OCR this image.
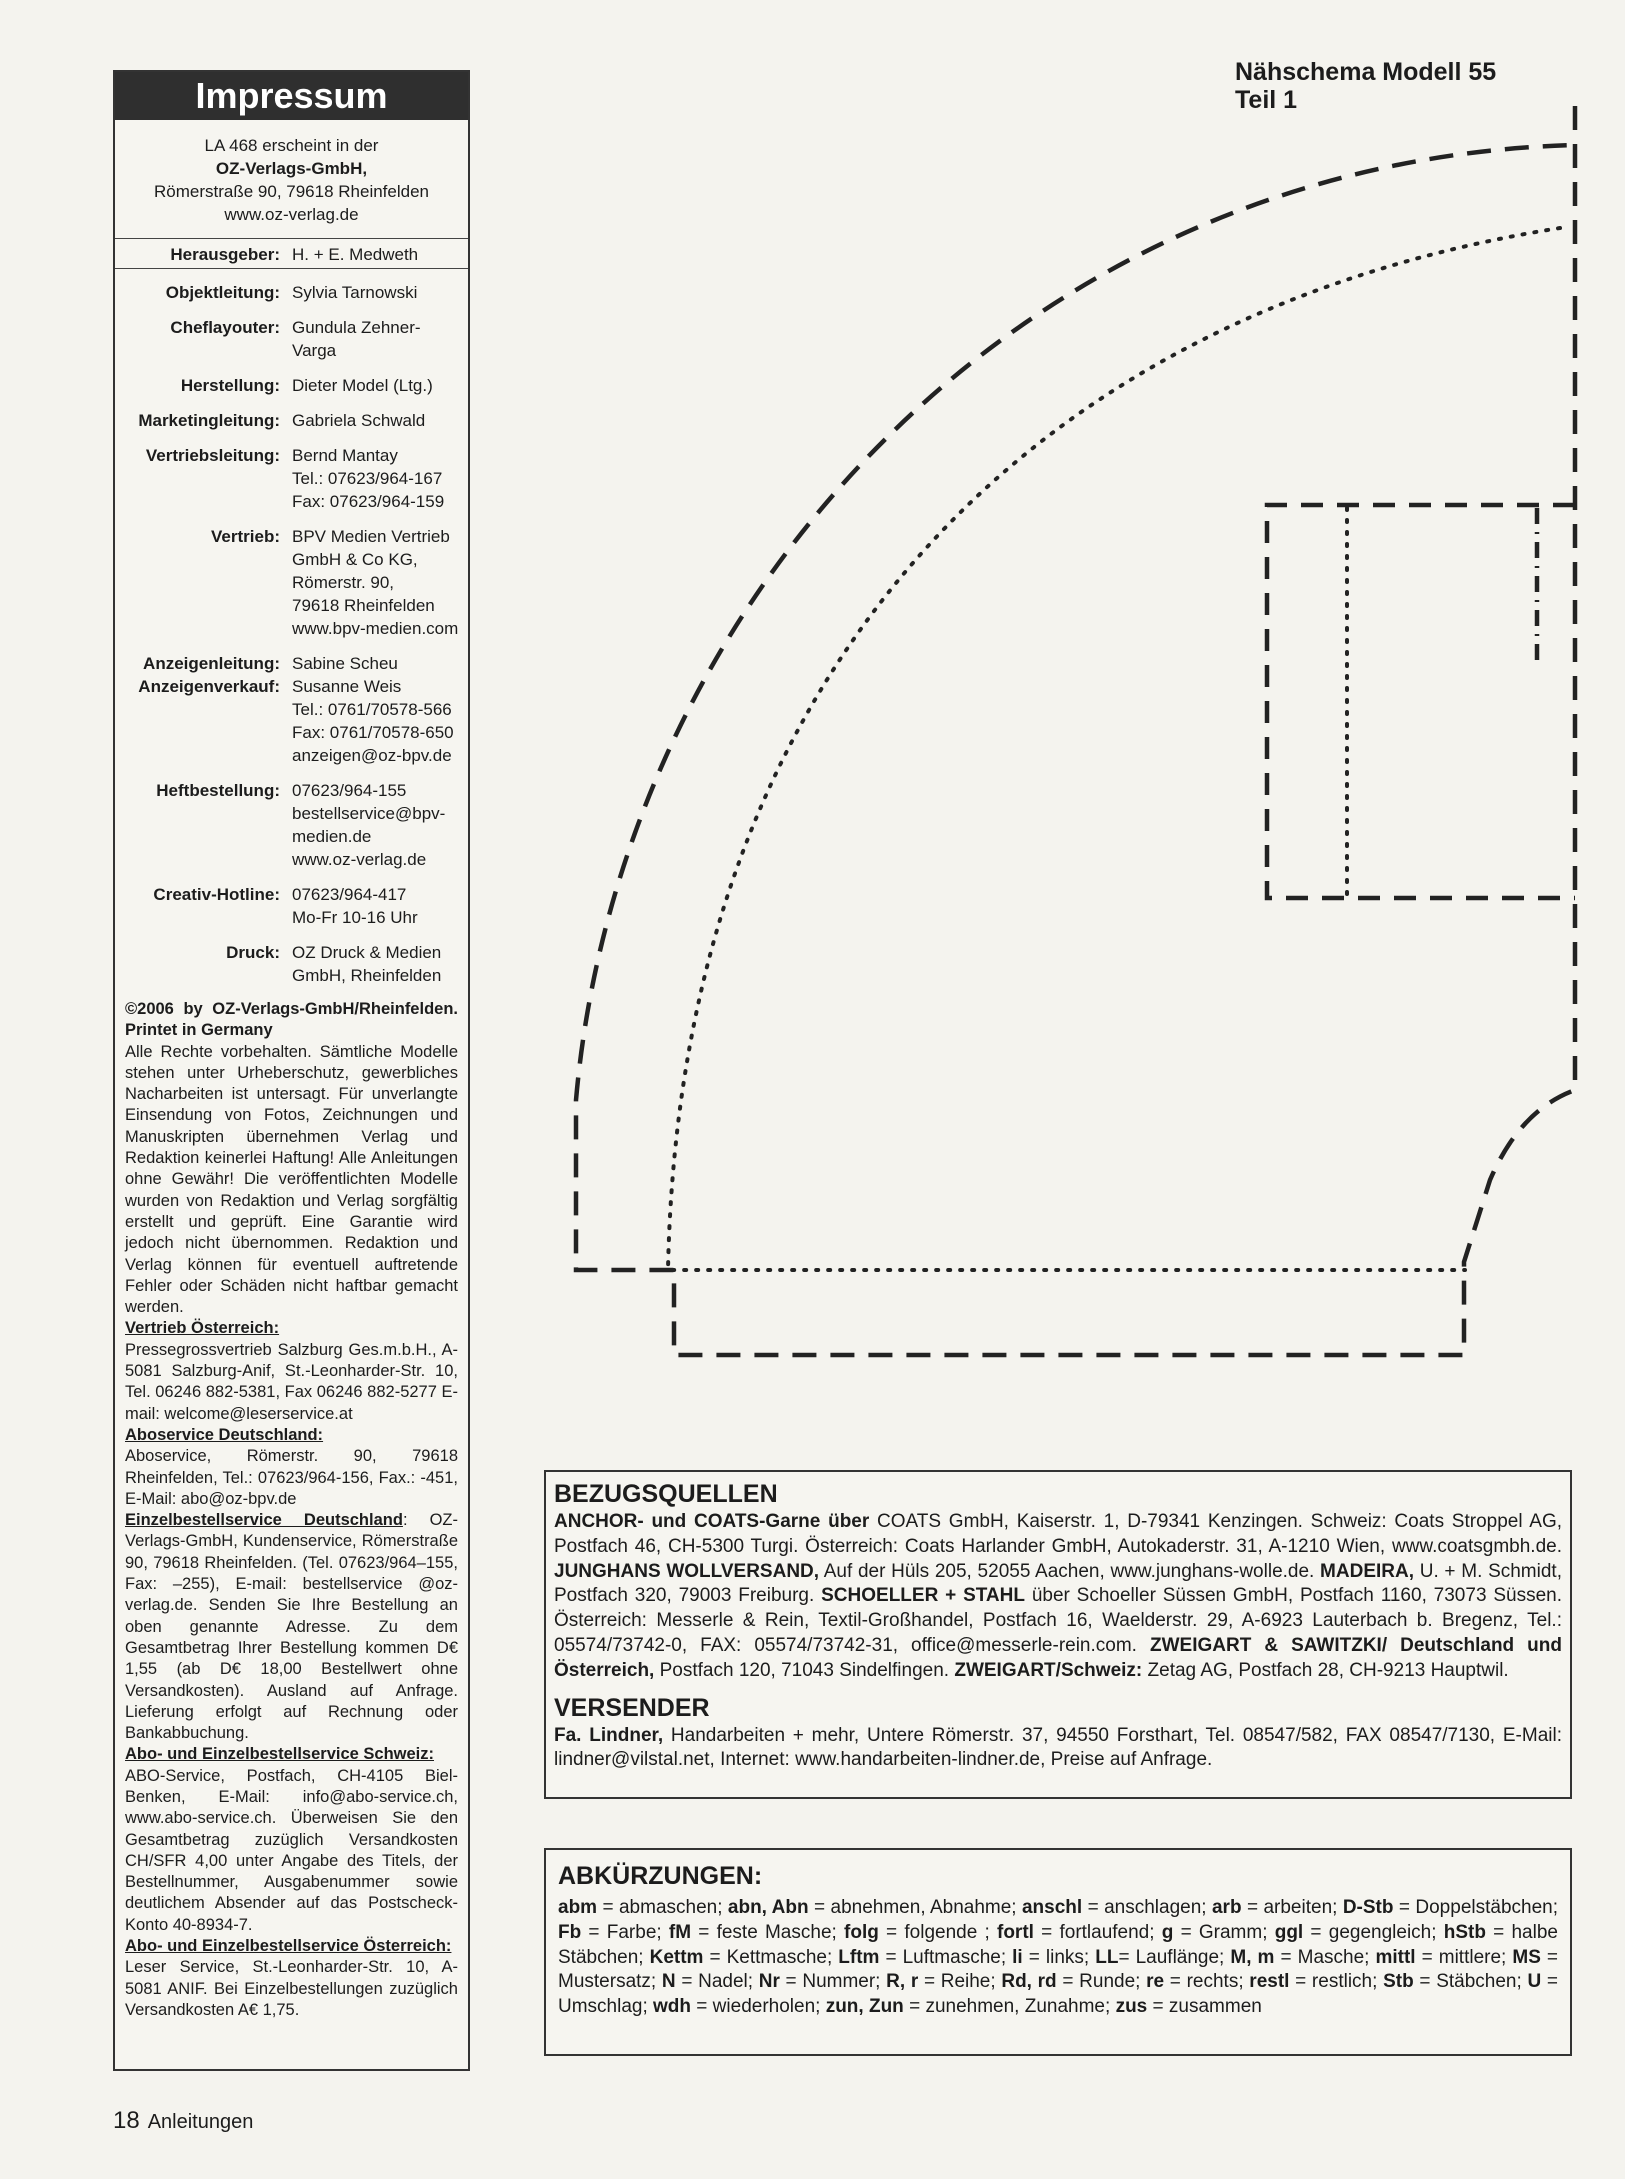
Impressum
LA 468 erscheint in der
OZ-Verlags-GmbH,
Römerstraße 90, 79618 Rheinfelden
www.oz-verlag.de
Herausgeber: H. + E. Medweth
Objektleitung: Sylvia Tarnowski
Cheflayouter: Gundula Zehner-Varga
Herstellung: Dieter Model (Ltg.)
Marketingleitung: Gabriela Schwald
Vertriebsleitung: Bernd Mantay
Tel.: 07623/964-167
Fax: 07623/964-159
Vertrieb: BPV Medien Vertrieb
GmbH & Co KG,
Römerstr. 90,
79618 Rheinfelden
www.bpv-medien.com
Anzeigenleitung:
Anzeigenverkauf:
Sabine Scheu
Susanne Weis
Tel.: 0761/70578-566
Fax: 0761/70578-650
anzeigen@oz-bpv.de
Heftbestellung: 07623/964-155
bestellservice@bpv-
medien.de
www.oz-verlag.de
Creativ-Hotline: 07623/964-417
Mo-Fr 10-16 Uhr
Druck: OZ Druck & Medien
GmbH, Rheinfelden

©2006 by OZ-Verlags-GmbH/Rheinfelden. Printet in Germany

Alle Rechte vorbehalten. Sämtliche Modelle stehen unter Urheberschutz, gewerbliches Nacharbeiten ist untersagt. Für unverlangte Einsendung von Fotos, Zeichnungen und Manuskripten übernehmen Verlag und Redaktion keinerlei Haftung! Alle Anleitungen ohne Gewähr! Die veröffentlichten Modelle wurden von Redaktion und Verlag sorgfältig erstellt und geprüft. Eine Garantie wird jedoch nicht übernommen. Redaktion und Verlag können für eventuell auftretende Fehler oder Schäden nicht haftbar gemacht werden.

Vertrieb Österreich:
Pressegrossvertrieb Salzburg Ges.m.b.H., A-5081 Salzburg-Anif, St.-Leonharder-Str. 10, Tel. 06246 882-5381, Fax 06246 882-5277 E-mail: welcome@leserservice.at

Aboservice Deutschland:
Aboservice, Römerstr. 90, 79618 Rheinfelden, Tel.: 07623/964-156, Fax.: -451, E-Mail: abo@oz-bpv.de

Einzelbestellservice Deutschland: OZ-Verlags-GmbH, Kundenservice, Römerstraße 90, 79618 Rheinfelden. (Tel. 07623/964–155, Fax: –255), E-mail: bestellservice @oz-verlag.de. Senden Sie Ihre Bestellung an oben genannte Adresse. Zu dem Gesamtbetrag Ihrer Bestellung kommen D€ 1,55 (ab D€ 18,00 Bestellwert ohne Versandkosten). Ausland auf Anfrage. Lieferung erfolgt auf Rechnung oder Bankabbuchung.

Abo- und Einzelbestellservice Schweiz:
ABO-Service, Postfach, CH-4105 Biel-Benken, E-Mail: info@abo-service.ch, www.abo-service.ch. Überweisen Sie den Gesamtbetrag zuzüglich Versandkosten CH/SFR 4,00 unter Angabe des Titels, der Bestellnummer, Ausgabenummer sowie deutlichem Absender auf das Postscheck-Konto 40-8934-7.

Abo- und Einzelbestellservice Österreich:
Leser Service, St.-Leonharder-Str. 10, A-5081 ANIF. Bei Einzelbestellungen zuzüglich Versandkosten A€ 1,75.

18 Anleitungen
Nähschema Modell 55
Teil 1
BEZUGSQUELLEN
ANCHOR- und COATS-Garne über COATS GmbH, Kaiserstr. 1, D-79341 Kenzingen. Schweiz: Coats Stroppel AG, Postfach 46, CH-5300 Turgi. Österreich: Coats Harlander GmbH, Autokaderstr. 31, A-1210 Wien, www.coatsgmbh.de. JUNGHANS WOLLVERSAND, Auf der Hüls 205, 52055 Aachen, www.junghans-wolle.de. MADEIRA, U. + M. Schmidt, Postfach 320, 79003 Freiburg. SCHOELLER + STAHL über Schoeller Süssen GmbH, Postfach 1160, 73073 Süssen. Österreich: Messerle & Rein, Textil-Großhandel, Postfach 16, Waelderstr. 29, A-6923 Lauterbach b. Bregenz, Tel.: 05574/73742-0, FAX: 05574/73742-31, office@messerle-rein.com. ZWEIGART & SAWITZKI/ Deutschland und Österreich, Postfach 120, 71043 Sindelfingen. ZWEIGART/Schweiz: Zetag AG, Postfach 28, CH-9213 Hauptwil.
VERSENDER
Fa. Lindner, Handarbeiten + mehr, Untere Römerstr. 37, 94550 Forsthart, Tel. 08547/582, FAX 08547/7130, E-Mail: lindner@vilstal.net, Internet: www.handarbeiten-lindner.de, Preise auf Anfrage.
ABKÜRZUNGEN:
abm = abmaschen; abn, Abn = abnehmen, Abnahme; anschl = anschlagen; arb = arbeiten; D-Stb = Doppelstäbchen; Fb = Farbe; fM = feste Masche; folg = folgende ; fortl = fortlaufend; g = Gramm; ggl = gegengleich; hStb = halbe Stäbchen; Kettm = Kettmasche; Lftm = Luftmasche; li = links; LL= Lauflänge; M, m = Masche; mittl = mittlere; MS = Mustersatz; N = Nadel; Nr = Nummer; R, r = Reihe; Rd, rd = Runde; re = rechts; restl = restlich; Stb = Stäbchen; U = Umschlag; wdh = wiederholen; zun, Zun = zunehmen, Zunahme; zus = zusammen
